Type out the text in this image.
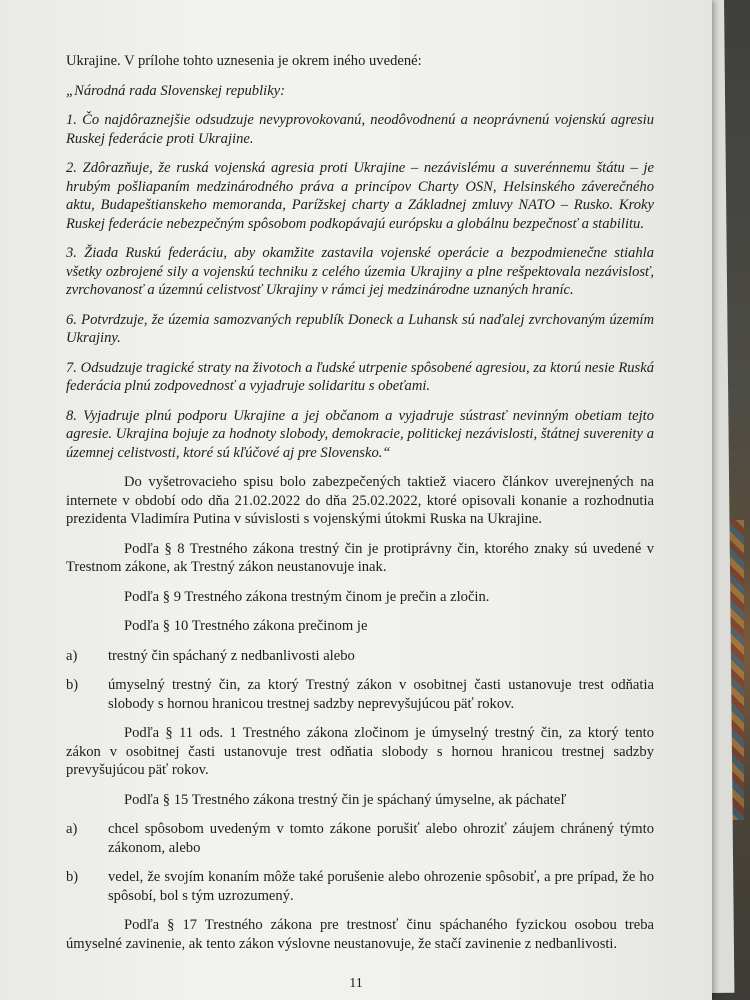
Ukrajine. V prílohe tohto uznesenia je okrem iného uvedené:

„Národná rada Slovenskej republiky:

1. Čo najdôraznejšie odsudzuje nevyprovokovanú, neodôvodnenú a neoprávnenú vojenskú agresiu Ruskej federácie proti Ukrajine.

2. Zdôrazňuje, že ruská vojenská agresia proti Ukrajine – nezávislému a suverénnemu štátu – je hrubým pošliapaním medzinárodného práva a princípov Charty OSN, Helsinského záverečného aktu, Budapeštianskeho memoranda, Parížskej charty a Základnej zmluvy NATO – Rusko. Kroky Ruskej federácie nebezpečným spôsobom podkopávajú európsku a globálnu bezpečnosť a stabilitu.

3. Žiada Ruskú federáciu, aby okamžite zastavila vojenské operácie a bezpodmienečne stiahla všetky ozbrojené sily a vojenskú techniku z celého územia Ukrajiny a plne rešpektovala nezávislosť, zvrchovanosť a územnú celistvosť Ukrajiny v rámci jej medzinárodne uznaných hraníc.

6. Potvrdzuje, že územia samozvaných republík Doneck a Luhansk sú naďalej zvrchovaným územím Ukrajiny.

7. Odsudzuje tragické straty na životoch a ľudské utrpenie spôsobené agresiou, za ktorú nesie Ruská federácia plnú zodpovednosť a vyjadruje solidaritu s obeťami.

8. Vyjadruje plnú podporu Ukrajine a jej občanom a vyjadruje sústrasť nevinným obetiam tejto agresie. Ukrajina bojuje za hodnoty slobody, demokracie, politickej nezávislosti, štátnej suverenity a územnej celistvosti, ktoré sú kľúčové aj pre Slovensko.“

Do vyšetrovacieho spisu bolo zabezpečených taktiež viacero článkov uverejnených na internete v období odo dňa 21.02.2022 do dňa 25.02.2022, ktoré opisovali konanie a rozhodnutia prezidenta Vladimíra Putina v súvislosti s vojenskými útokmi Ruska na Ukrajine.

Podľa § 8 Trestného zákona trestný čin je protiprávny čin, ktorého znaky sú uvedené v Trestnom zákone, ak Trestný zákon neustanovuje inak.

Podľa § 9 Trestného zákona trestným činom je prečin a zločin.

Podľa § 10 Trestného zákona prečinom je

a)	trestný čin spáchaný z nedbanlivosti alebo
b)	úmyselný trestný čin, za ktorý Trestný zákon v osobitnej časti ustanovuje trest odňatia slobody s hornou hranicou trestnej sadzby neprevyšujúcou päť rokov.

Podľa § 11 ods. 1 Trestného zákona zločinom je úmyselný trestný čin, za ktorý tento zákon v osobitnej časti ustanovuje trest odňatia slobody s hornou hranicou trestnej sadzby prevyšujúcou päť rokov.

Podľa § 15 Trestného zákona trestný čin je spáchaný úmyselne, ak páchateľ

a)	chcel spôsobom uvedeným v tomto zákone porušiť alebo ohroziť záujem chránený týmto zákonom, alebo
b)	vedel, že svojím konaním môže také porušenie alebo ohrozenie spôsobiť, a pre prípad, že ho spôsobí, bol s tým uzrozumený.

Podľa § 17 Trestného zákona pre trestnosť činu spáchaného fyzickou osobou treba úmyselné zavinenie, ak tento zákon výslovne neustanovuje, že stačí zavinenie z nedbanlivosti.

11
